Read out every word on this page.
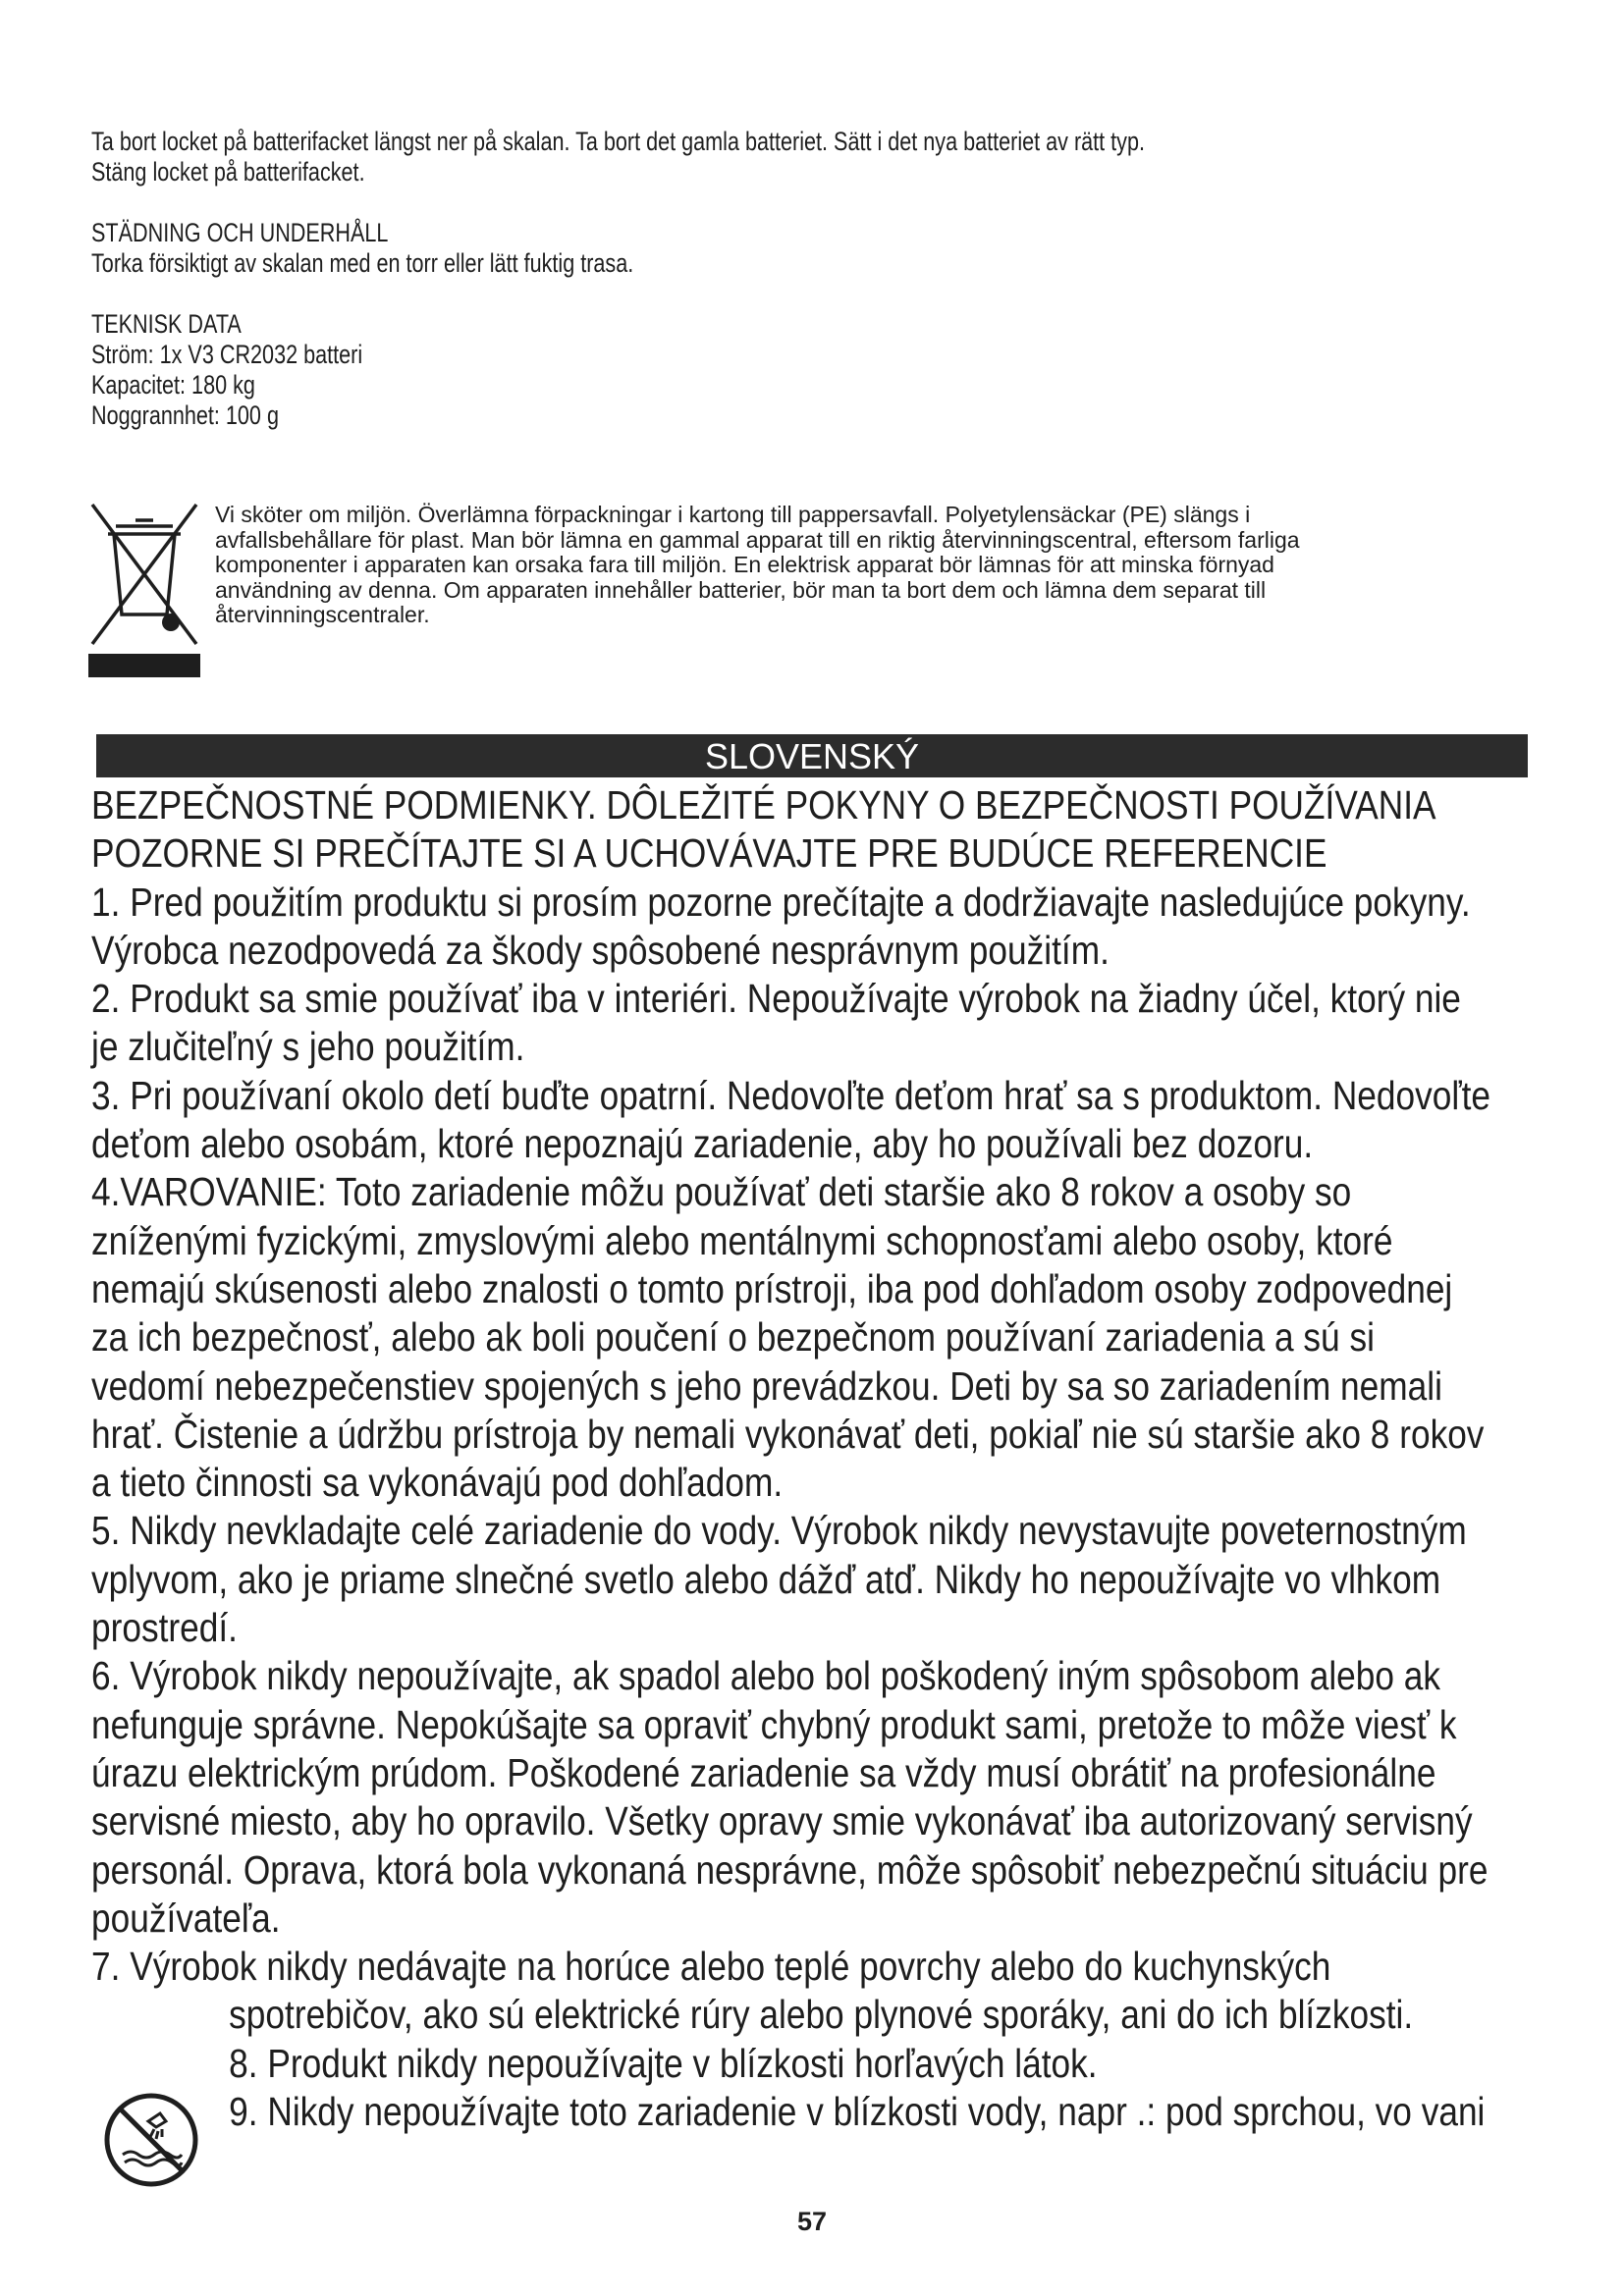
Ta bort locket på batterifacket längst ner på skalan. Ta bort det gamla batteriet. Sätt i det nya batteriet av rätt typ.
Stäng locket på batterifacket.
STÄDNING OCH UNDERHÅLL
Torka försiktigt av skalan med en torr eller lätt fuktig trasa.
TEKNISK DATA
Ström: 1x V3 CR2032 batteri
Kapacitet: 180 kg
Noggrannhet: 100 g
Vi sköter om miljön. Överlämna förpackningar i kartong till pappersavfall. Polyetylensäckar (PE) slängs i
avfallsbehållare för plast. Man bör lämna en gammal apparat till en riktig återvinningscentral, eftersom farliga
komponenter i apparaten kan orsaka fara till miljön. En elektrisk apparat bör lämnas för att minska förnyad
användning av denna. Om apparaten innehåller batterier, bör man ta bort dem och lämna dem separat till
återvinningscentraler.
SLOVENSKÝ
BEZPEČNOSTNÉ PODMIENKY. DÔLEŽITÉ POKYNY O BEZPEČNOSTI POUŽÍVANIA
POZORNE SI PREČÍTAJTE SI A UCHOVÁVAJTE PRE BUDÚCE REFERENCIE
1. Pred použitím produktu si prosím pozorne prečítajte a dodržiavajte nasledujúce pokyny.
Výrobca nezodpovedá za škody spôsobené nesprávnym použitím.
2. Produkt sa smie používať iba v interiéri. Nepoužívajte výrobok na žiadny účel, ktorý nie
je zlučiteľný s jeho použitím.
3. Pri používaní okolo detí buďte opatrní. Nedovoľte deťom hrať sa s produktom. Nedovoľte
deťom alebo osobám, ktoré nepoznajú zariadenie, aby ho používali bez dozoru.
4.VAROVANIE: Toto zariadenie môžu používať deti staršie ako 8 rokov a osoby so
zníženými fyzickými, zmyslovými alebo mentálnymi schopnosťami alebo osoby, ktoré
nemajú skúsenosti alebo znalosti o tomto prístroji, iba pod dohľadom osoby zodpovednej
za ich bezpečnosť, alebo ak boli poučení o bezpečnom používaní zariadenia a sú si
vedomí nebezpečenstiev spojených s jeho prevádzkou. Deti by sa so zariadením nemali
hrať. Čistenie a údržbu prístroja by nemali vykonávať deti, pokiaľ nie sú staršie ako 8 rokov
a tieto činnosti sa vykonávajú pod dohľadom.
5. Nikdy nevkladajte celé zariadenie do vody. Výrobok nikdy nevystavujte poveternostným
vplyvom, ako je priame slnečné svetlo alebo dážď atď. Nikdy ho nepoužívajte vo vlhkom
prostredí.
6. Výrobok nikdy nepoužívajte, ak spadol alebo bol poškodený iným spôsobom alebo ak
nefunguje správne. Nepokúšajte sa opraviť chybný produkt sami, pretože to môže viesť k
úrazu elektrickým prúdom. Poškodené zariadenie sa vždy musí obrátiť na profesionálne
servisné miesto, aby ho opravilo. Všetky opravy smie vykonávať iba autorizovaný servisný
personál. Oprava, ktorá bola vykonaná nesprávne, môže spôsobiť nebezpečnú situáciu pre
používateľa.
7. Výrobok nikdy nedávajte na horúce alebo teplé povrchy alebo do kuchynských
spotrebičov, ako sú elektrické rúry alebo plynové sporáky, ani do ich blízkosti.
8. Produkt nikdy nepoužívajte v blízkosti horľavých látok.
9. Nikdy nepoužívajte toto zariadenie v blízkosti vody, napr .: pod sprchou, vo vani
57
